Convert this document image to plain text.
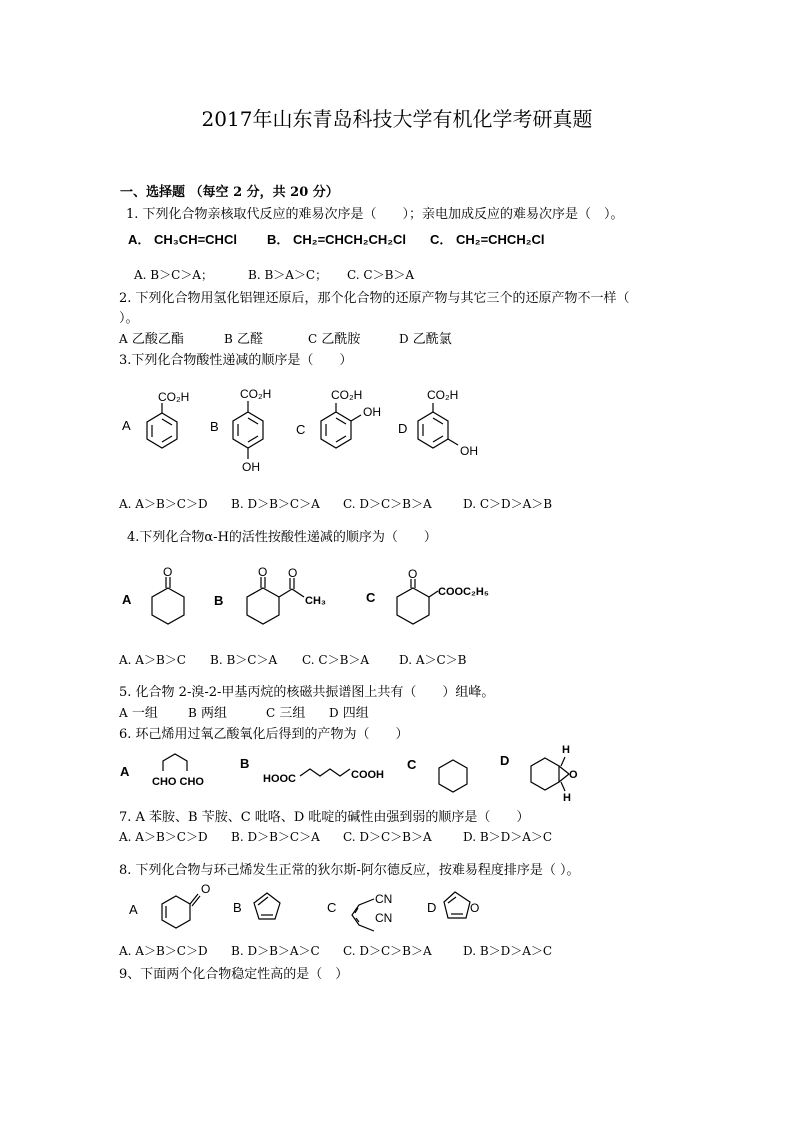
2017年山东青岛科技大学有机化学考研真题
一、选择题 （每空 2 分，共 20 分）
1. 下列化合物亲核取代反应的难易次序是（　　）；亲电加成反应的难易次序是（　）。
A． CH₃CH=CHCl B． CH₂=CHCH₂CH₂Cl C． CH₂=CHCH₂Cl
A. B＞C＞A；	B. B＞A＞C； C. C＞B＞A
2. 下列化合物用氢化铝锂还原后，那个化合物的还原产物与其它三个的还原产物不一样（
）。
A 乙酸乙酯	B 乙醛	C 乙酰胺	D 乙酰氯
3.下列化合物酸性递减的顺序是（　　）
A
CO₂H
B
CO₂H
OH
C
CO₂H
OH
D
CO₂H
OH
A. A＞B＞C＞D B. D＞B＞C＞A C. D＞C＞B＞A	D. C＞D＞A＞B
4.下列化合物α-H的活性按酸性递减的顺序为（　　）
A
O
B
O O
CH₃	C
O
COOC₂H₅
A. A＞B＞C B. B＞C＞A C. C＞B＞A D. A＞C＞B
5. 化合物 2-溴-2-甲基丙烷的核磁共振谱图上共有（　　）组峰。
A 一组	B 两组	C 三组 D 四组
6. 环己烯用过氧乙酸氧化后得到的产物为（　　）
A
CHO CHO
B
HOOC	COOH
C	D
H
O
H
7. A 苯胺、B 苄胺、C 吡咯、D 吡啶的碱性由强到弱的顺序是（　　）
A. A＞B＞C＞D B. D＞B＞C＞A C. D＞C＞B＞A	D. B＞D＞A＞C
8. 下列化合物与环己烯发生正常的狄尔斯-阿尔德反应，按难易程度排序是（ ）。
A
O
B	C
CN
CN
D	O
A. A＞B＞C＞D B. D＞B＞A＞C C. D＞C＞B＞A	D. B＞D＞A＞C
9、下面两个化合物稳定性高的是（　）
